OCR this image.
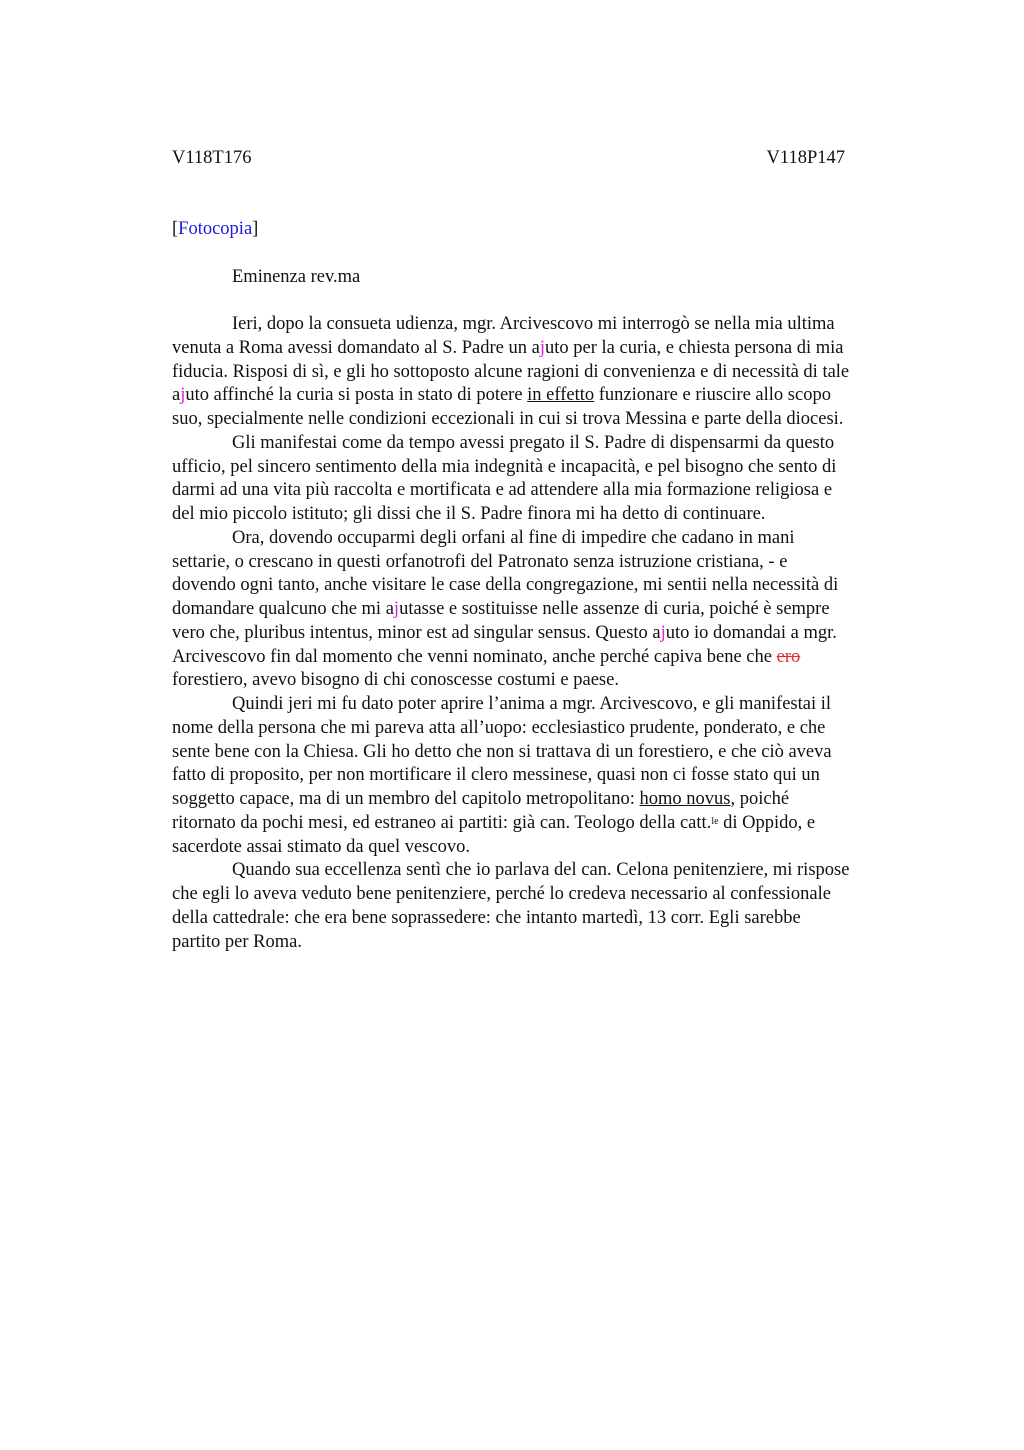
V118T176	V118P147
[Fotocopia]
Eminenza rev.ma
Ieri, dopo la consueta udienza, mgr. Arcivescovo mi interrogò se nella mia ultima
venuta a Roma avessi domandato al S. Padre un ajuto per la curia, e chiesta persona di mia
fiducia. Risposi di sì, e gli ho sottoposto alcune ragioni di convenienza e di necessità di tale
ajuto affinché la curia si posta in stato di potere in effetto funzionare e riuscire allo scopo
suo, specialmente nelle condizioni eccezionali in cui si trova Messina e parte della diocesi.
Gli manifestai come da tempo avessi pregato il S. Padre di dispensarmi da questo
ufficio, pel sincero sentimento della mia indegnità e incapacità, e pel bisogno che sento di
darmi ad una vita più raccolta e mortificata e ad attendere alla mia formazione religiosa e
del mio piccolo istituto; gli dissi che il S. Padre finora mi ha detto di continuare.
Ora, dovendo occuparmi degli orfani al fine di impedire che cadano in mani
settarie, o crescano in questi orfanotrofi del Patronato senza istruzione cristiana, - e
dovendo ogni tanto, anche visitare le case della congregazione, mi sentii nella necessità di
domandare qualcuno che mi ajutasse e sostituisse nelle assenze di curia, poiché è sempre
vero che, pluribus intentus, minor est ad singular sensus. Questo ajuto io domandai a mgr.
Arcivescovo fin dal momento che venni nominato, anche perché capiva bene che ero
forestiero, avevo bisogno di chi conoscesse costumi e paese.
Quindi jeri mi fu dato poter aprire l’anima a mgr. Arcivescovo, e gli manifestai il
nome della persona che mi pareva atta all’uopo: ecclesiastico prudente, ponderato, e che
sente bene con la Chiesa. Gli ho detto che non si trattava di un forestiero, e che ciò aveva
fatto di proposito, per non mortificare il clero messinese, quasi non ci fosse stato qui un
soggetto capace, ma di un membro del capitolo metropolitano: homo novus, poiché
ritornato da pochi mesi, ed estraneo ai partiti: già can. Teologo della catt.$^{le}$ di Oppido, e
sacerdote assai stimato da quel vescovo.
Quando sua eccellenza sentì che io parlava del can. Celona penitenziere, mi rispose
che egli lo aveva veduto bene penitenziere, perché lo credeva necessario al confessionale
della cattedrale: che era bene soprassedere: che intanto martedì, 13 corr. Egli sarebbe
partito per Roma.
